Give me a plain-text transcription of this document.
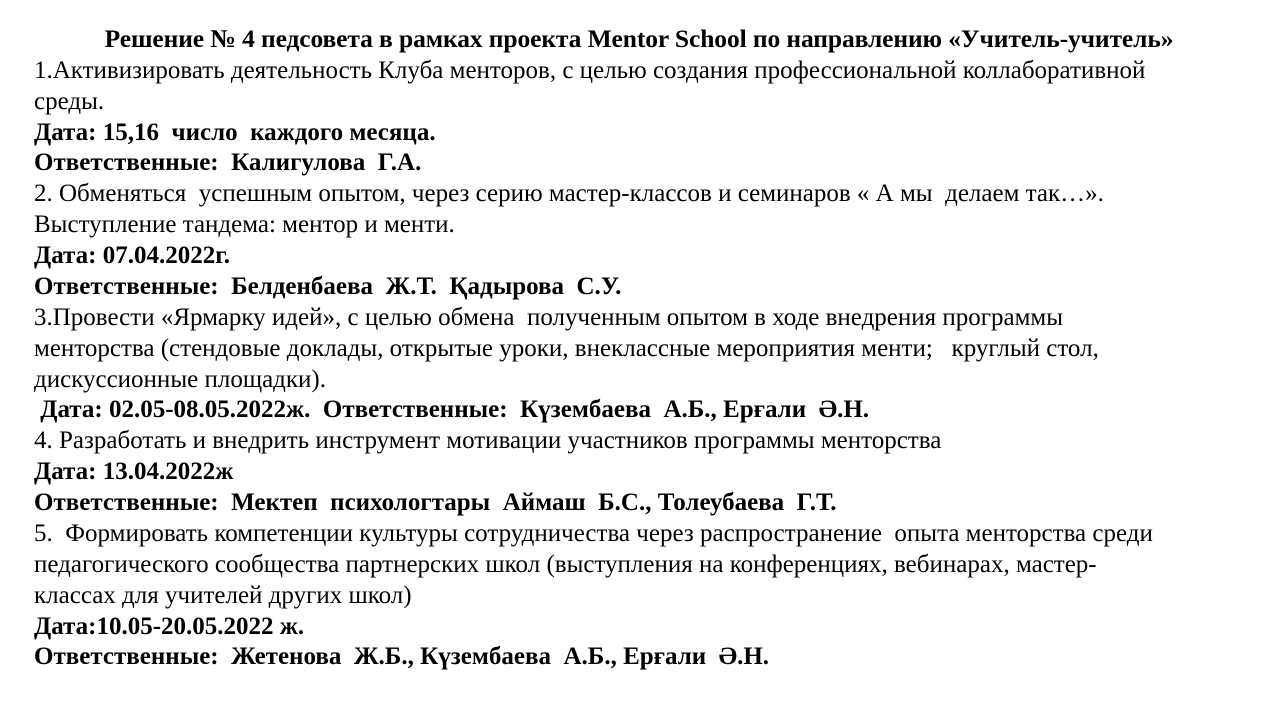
Решение № 4 педсовета в рамках проекта Mentor School по направлению «Учитель-учитель»

1.Активизировать деятельность Клуба менторов, с целью создания профессиональной коллаборативной

среды.

Дата: 15,16  число  каждого месяца.

Ответственные:  Калигулова  Г.А.

2. Обменяться  успешным опытом, через серию мастер-классов и семинаров « А мы  делаем так…».

Выступление тандема: ментор и менти.

Дата: 07.04.2022г.

Ответственные:  Белденбаева  Ж.Т.  Қадырова  С.У.

3.Провести «Ярмарку идей», с целью обмена  полученным опытом в ходе внедрения программы

менторства (стендовые доклады, открытые уроки, внеклассные мероприятия менти;   круглый стол,

дискуссионные площадки).

Дата: 02.05-08.05.2022ж.  Ответственные:  Күзембаева  А.Б., Ерғали  Ә.Н.

4. Разработать и внедрить инструмент мотивации участников программы менторства

Дата: 13.04.2022ж

Ответственные:  Мектеп  психологтары  Аймаш  Б.С., Толеубаева  Г.Т.

5.  Формировать компетенции культуры сотрудничества через распространение  опыта менторства среди

педагогического сообщества партнерских школ (выступления на конференциях, вебинарах, мастер-

классах для учителей других школ)

Дата:10.05-20.05.2022 ж.

Ответственные:  Жетенова  Ж.Б., Күзембаева  А.Б., Ерғали  Ә.Н.
